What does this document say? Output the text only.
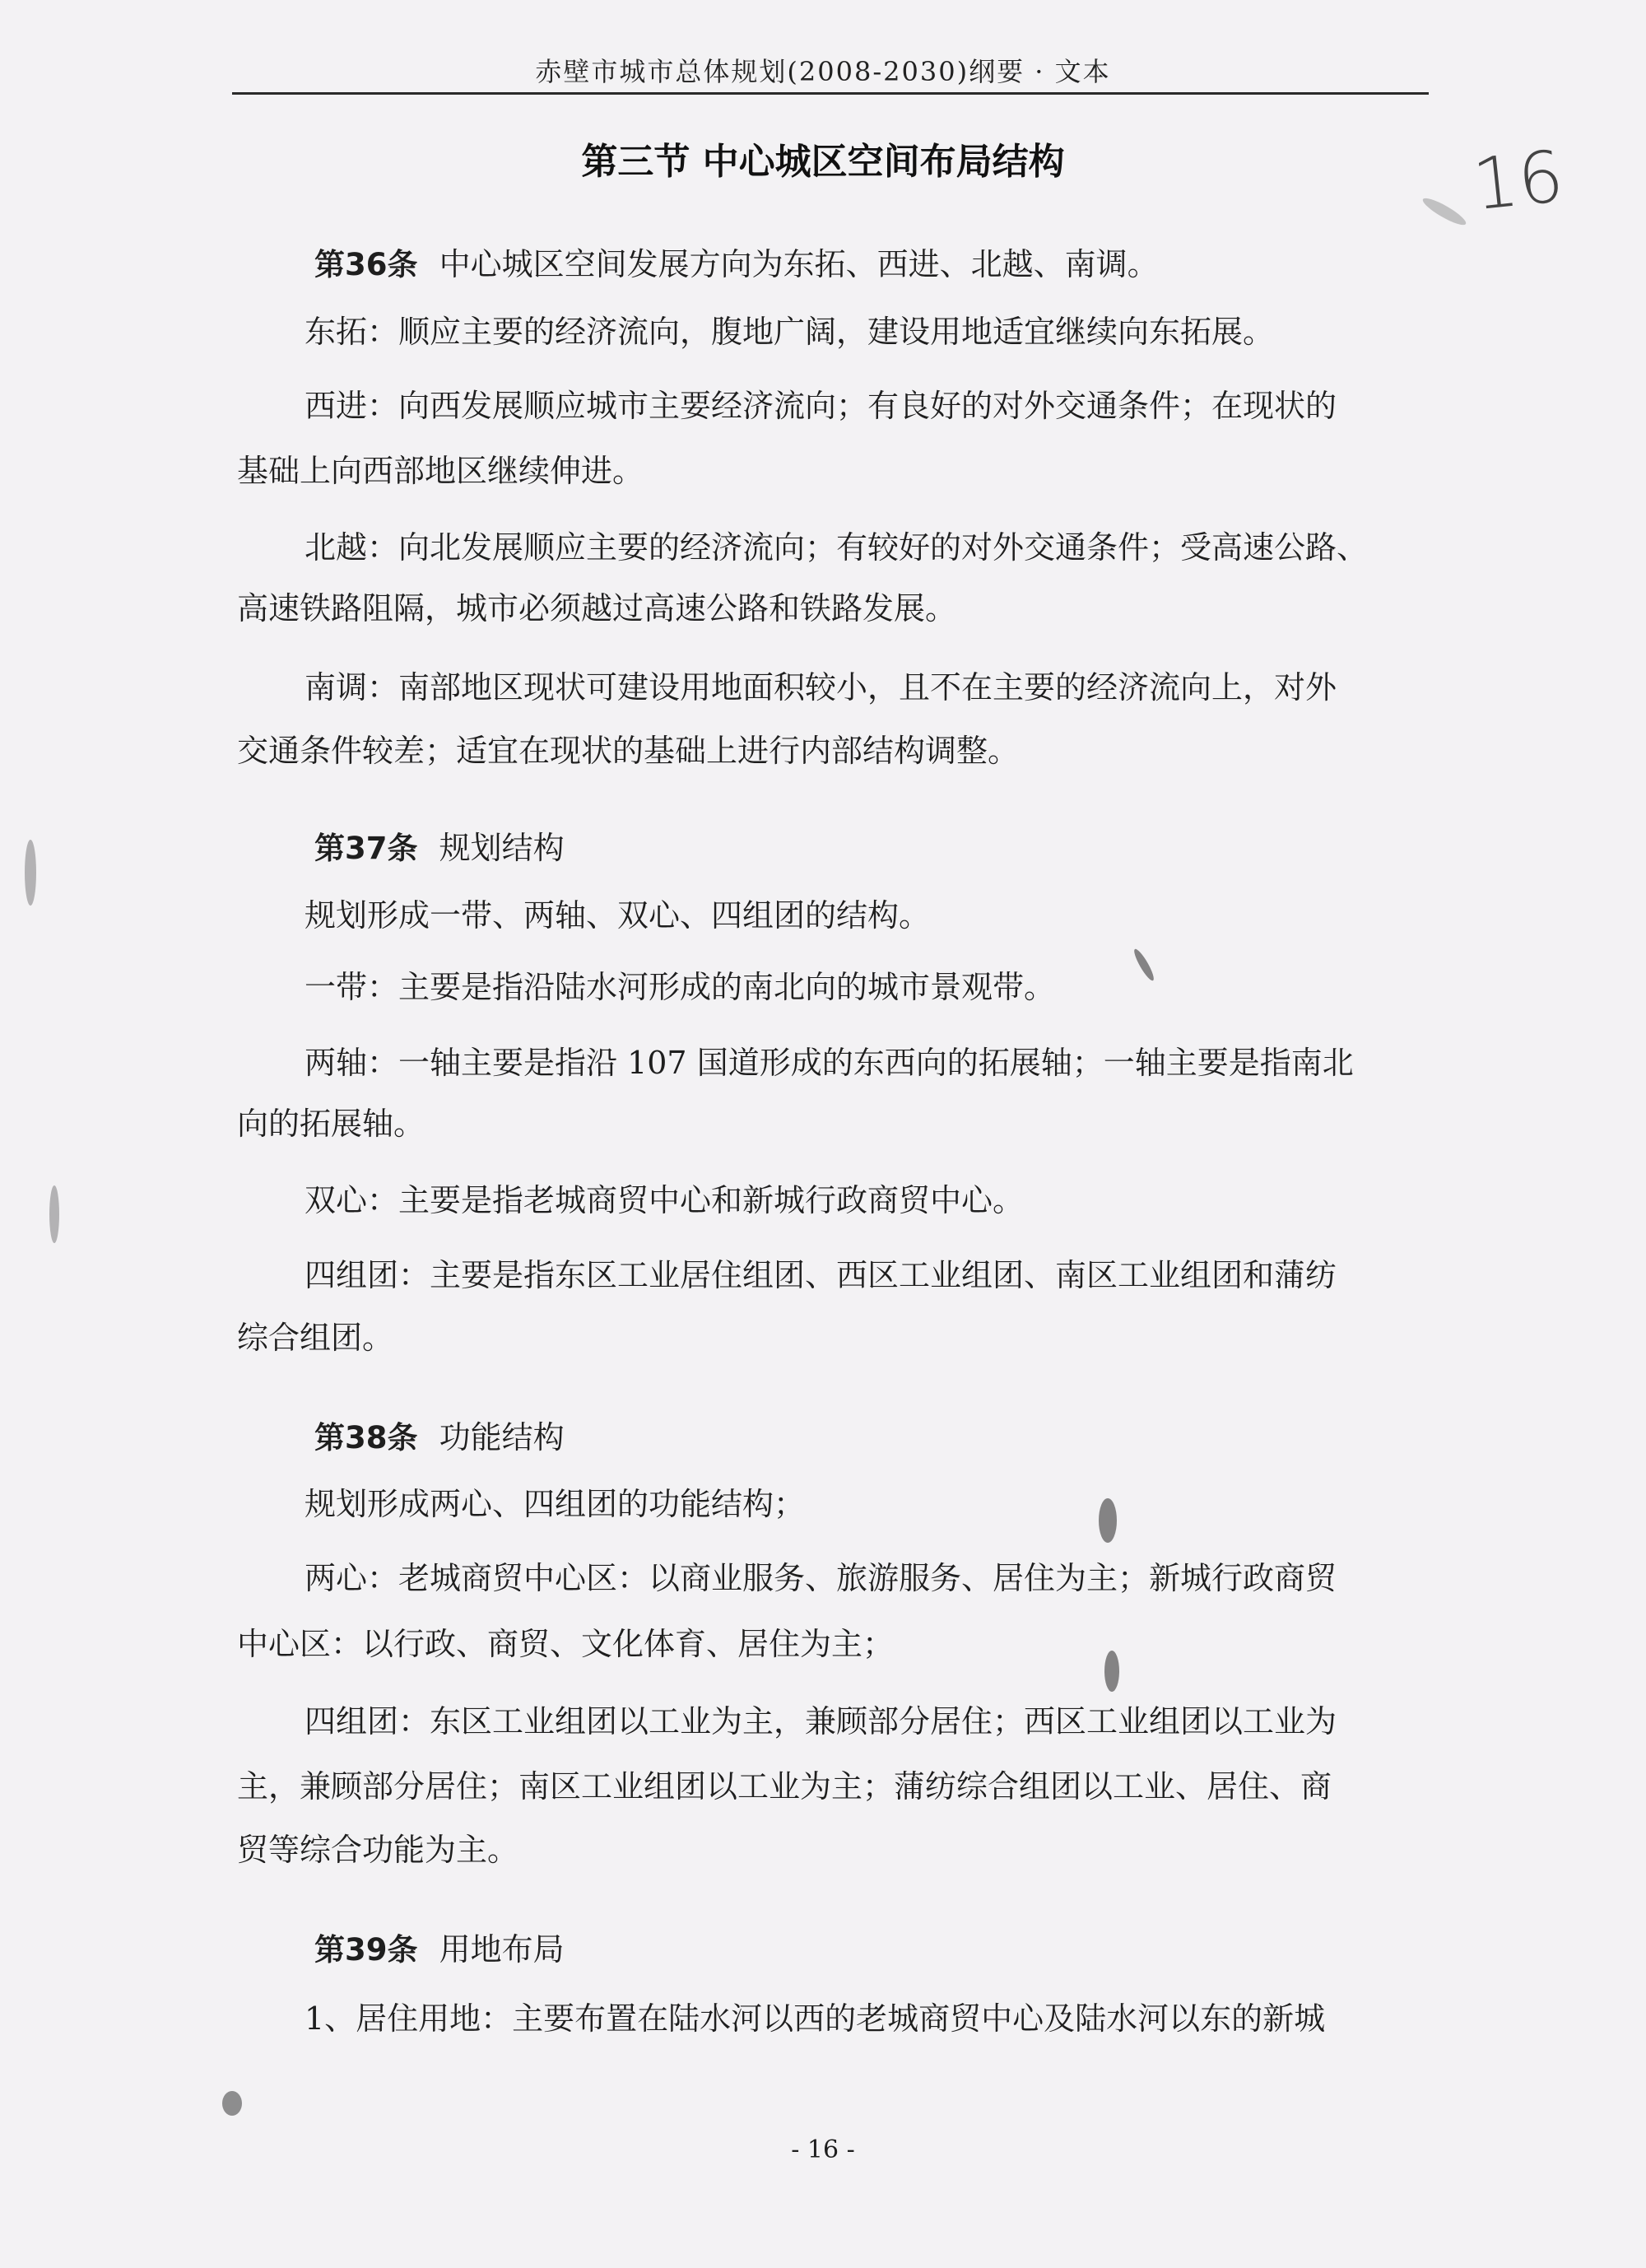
赤壁市城市总体规划(2008-2030)纲要 · 文本
16
第三节 中心城区空间布局结构
第36条 中心城区空间发展方向为东拓、西进、北越、南调。
东拓：顺应主要的经济流向，腹地广阔，建设用地适宜继续向东拓展。
西进：向西发展顺应城市主要经济流向；有良好的对外交通条件；在现状的
基础上向西部地区继续伸进。
北越：向北发展顺应主要的经济流向；有较好的对外交通条件；受高速公路、
高速铁路阻隔，城市必须越过高速公路和铁路发展。
南调：南部地区现状可建设用地面积较小，且不在主要的经济流向上，对外
交通条件较差；适宜在现状的基础上进行内部结构调整。
第37条 规划结构
规划形成一带、两轴、双心、四组团的结构。
一带：主要是指沿陆水河形成的南北向的城市景观带。
两轴：一轴主要是指沿 107 国道形成的东西向的拓展轴；一轴主要是指南北
向的拓展轴。
双心：主要是指老城商贸中心和新城行政商贸中心。
四组团：主要是指东区工业居住组团、西区工业组团、南区工业组团和蒲纺
综合组团。
第38条 功能结构
规划形成两心、四组团的功能结构；
两心：老城商贸中心区：以商业服务、旅游服务、居住为主；新城行政商贸
中心区：以行政、商贸、文化体育、居住为主；
四组团：东区工业组团以工业为主，兼顾部分居住；西区工业组团以工业为
主，兼顾部分居住；南区工业组团以工业为主；蒲纺综合组团以工业、居住、商
贸等综合功能为主。
第39条 用地布局
1、居住用地：主要布置在陆水河以西的老城商贸中心及陆水河以东的新城
- 16 -
